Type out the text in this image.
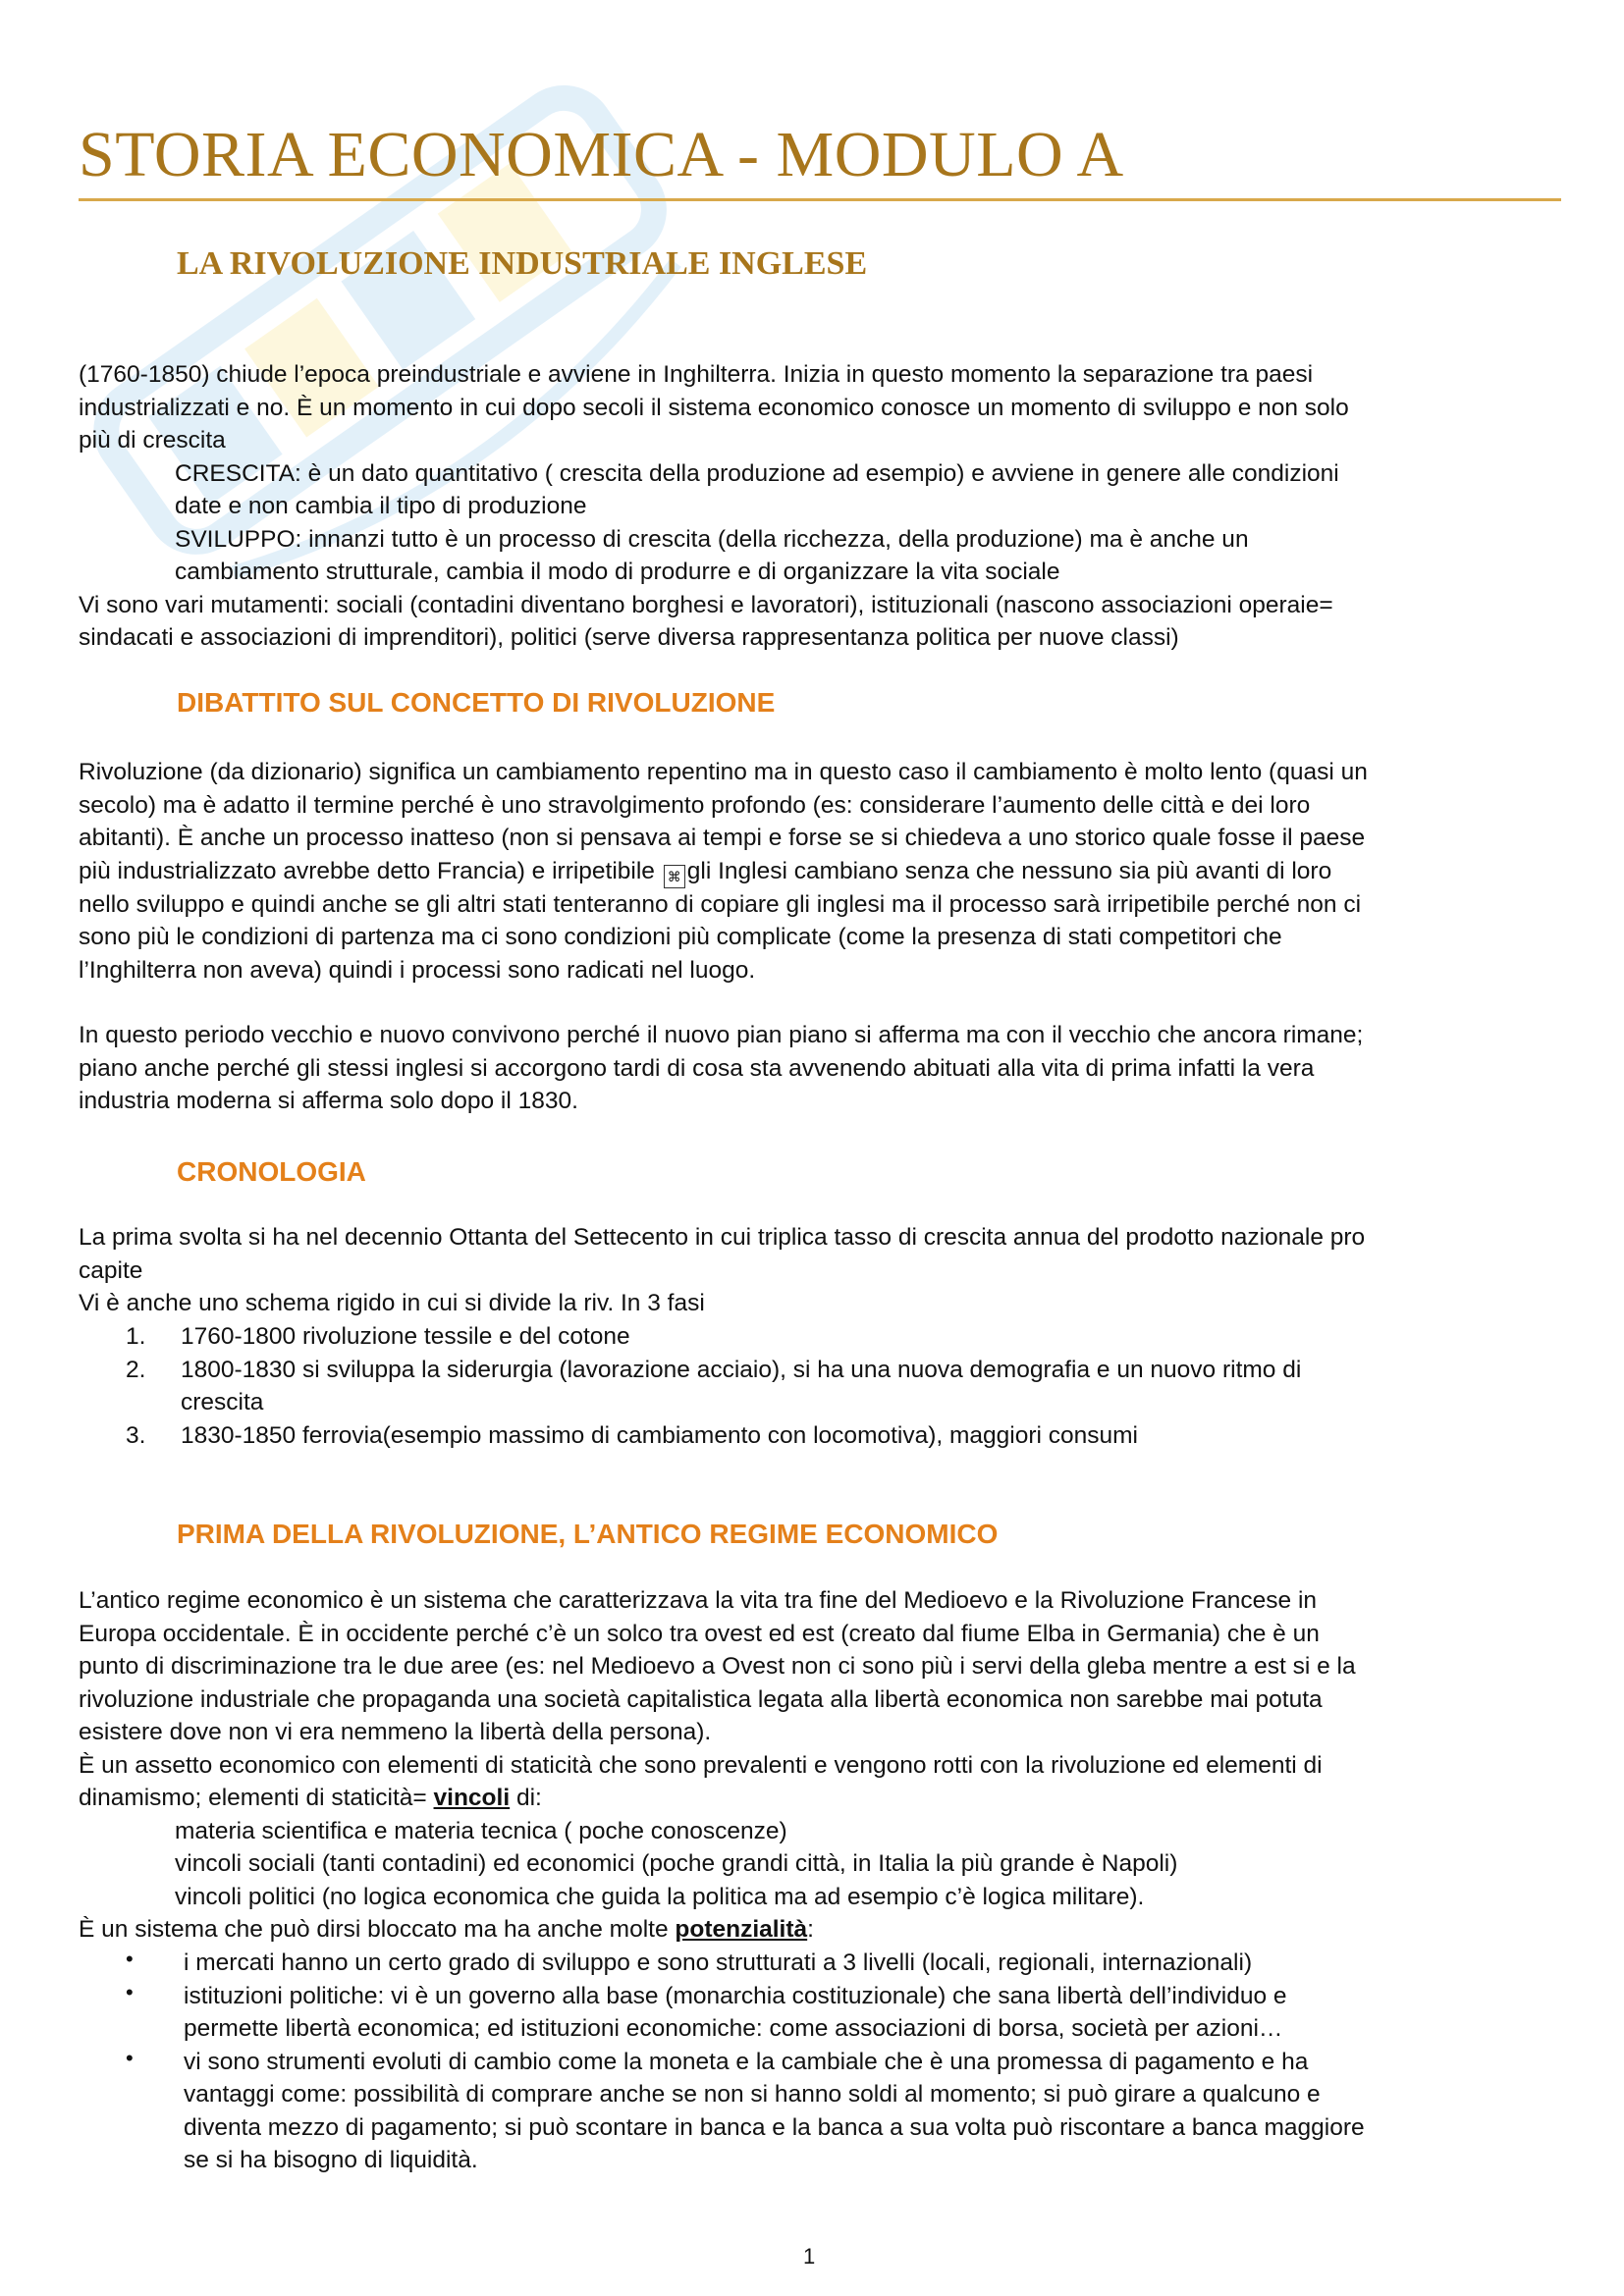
STORIA ECONOMICA - MODULO A
LA RIVOLUZIONE INDUSTRIALE INGLESE
(1760-1850) chiude l’epoca preindustriale e avviene in Inghilterra. Inizia in questo momento la separazione tra paesi
industrializzati e no. È un momento in cui dopo secoli il sistema economico conosce un momento di sviluppo e non solo
più di crescita
CRESCITA: è un dato quantitativo ( crescita della produzione ad esempio) e avviene in genere alle condizioni
date e non cambia il tipo di produzione
SVILUPPO: innanzi tutto è un processo di crescita (della ricchezza, della produzione) ma è anche un
cambiamento strutturale, cambia il modo di produrre e di organizzare la vita sociale
Vi sono vari mutamenti: sociali (contadini diventano borghesi e lavoratori), istituzionali (nascono associazioni operaie=
sindacati e associazioni di imprenditori), politici (serve diversa rappresentanza politica per nuove classi)
DIBATTITO SUL CONCETTO DI RIVOLUZIONE
Rivoluzione (da dizionario) significa un cambiamento repentino ma in questo caso il cambiamento è molto lento (quasi un
secolo) ma è adatto il termine perché è uno stravolgimento profondo (es: considerare l’aumento delle città e dei loro
abitanti). È anche un processo inatteso (non si pensava ai tempi e forse se si chiedeva a uno storico quale fosse il paese
più industrializzato avrebbe detto Francia) e irripetibile ⌘ gli Inglesi cambiano senza che nessuno sia più avanti di loro
nello sviluppo e quindi anche se gli altri stati tenteranno di copiare gli inglesi ma il processo sarà irripetibile perché non ci
sono più le condizioni di partenza ma ci sono condizioni più complicate (come la presenza di stati competitori che
l’Inghilterra non aveva) quindi i processi sono radicati nel luogo.
In questo periodo vecchio e nuovo convivono perché il nuovo pian piano si afferma ma con il vecchio che ancora rimane;
piano anche perché gli stessi inglesi si accorgono tardi di cosa sta avvenendo abituati alla vita di prima infatti la vera
industria moderna si afferma solo dopo il 1830.
CRONOLOGIA
La prima svolta si ha nel decennio Ottanta del Settecento in cui triplica tasso di crescita annua del prodotto nazionale pro
capite
Vi è anche uno schema rigido in cui si divide la riv. In 3 fasi
1. 1760-1800 rivoluzione tessile e del cotone
2. 1800-1830 si sviluppa la siderurgia (lavorazione acciaio), si ha una nuova demografia e un nuovo ritmo di
crescita
3. 1830-1850 ferrovia(esempio massimo di cambiamento con locomotiva), maggiori consumi
PRIMA DELLA RIVOLUZIONE, L’ANTICO REGIME ECONOMICO
L’antico regime economico è un sistema che caratterizzava la vita tra fine del Medioevo e la Rivoluzione Francese in
Europa occidentale. È in occidente perché c’è un solco tra ovest ed est (creato dal fiume Elba in Germania) che è un
punto di discriminazione tra le due aree (es: nel Medioevo a Ovest non ci sono più i servi della gleba mentre a est si e la
rivoluzione industriale che propaganda una società capitalistica legata alla libertà economica non sarebbe mai potuta
esistere dove non vi era nemmeno la libertà della persona).
È un assetto economico con elementi di staticità che sono prevalenti e vengono rotti con la rivoluzione ed elementi di
dinamismo; elementi di staticità= vincoli di:
materia scientifica e materia tecnica ( poche conoscenze)
vincoli sociali (tanti contadini) ed economici (poche grandi città, in Italia la più grande è Napoli)
vincoli politici (no logica economica che guida la politica ma ad esempio c’è logica militare).
È un sistema che può dirsi bloccato ma ha anche molte potenzialità:
• i mercati hanno un certo grado di sviluppo e sono strutturati a 3 livelli (locali, regionali, internazionali)
• istituzioni politiche: vi è un governo alla base (monarchia costituzionale) che sana libertà dell’individuo e
permette libertà economica; ed istituzioni economiche: come associazioni di borsa, società per azioni…
• vi sono strumenti evoluti di cambio come la moneta e la cambiale che è una promessa di pagamento e ha
vantaggi come: possibilità di comprare anche se non si hanno soldi al momento; si può girare a qualcuno e
diventa mezzo di pagamento; si può scontare in banca e la banca a sua volta può riscontare a banca maggiore
se si ha bisogno di liquidità.
1
